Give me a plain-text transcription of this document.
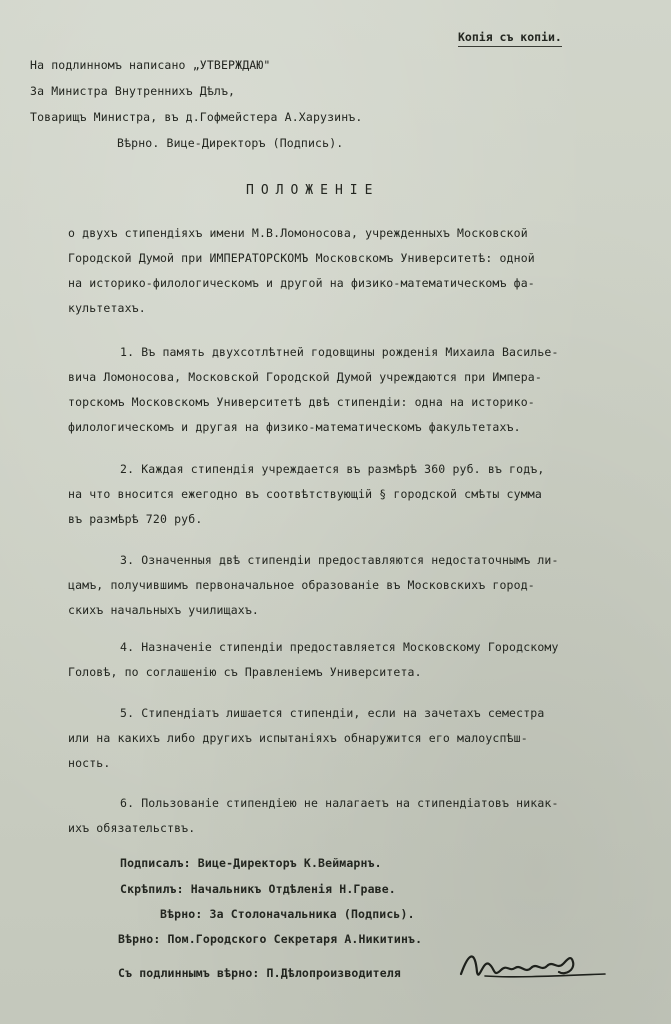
Копія съ копіи.
На подлинномъ написано „УТВЕРЖДАЮ"
За Министра Внутреннихъ Дѣлъ,
Товарищъ Министра, въ д.Гофмейстера А.Харузинъ.
Вѣрно. Вице-Директоръ (Подпись).
ПОЛОЖЕНІЕ
о двухъ стипендіяхъ имени М.В.Ломоносова, учрежденныхъ Московской
Городской Думой при ИМПЕРАТОРСКОМЪ Московскомъ Университетѣ: одной
на историко-филологическомъ и другой на физико-математическомъ фа-
культетахъ.
1. Въ память двухсотлѣтней годовщины рожденія Михаила Василье-
вича Ломоносова, Московской Городской Думой учреждаются при Импера-
торскомъ Московскомъ Университетѣ двѣ стипендіи: одна на историко-
филологическомъ и другая на физико-математическомъ факультетахъ.
2. Каждая стипендія учреждается въ размѣрѣ 360 руб. въ годъ,
на что вносится ежегодно въ соотвѣтствующій § городской смѣты сумма
въ размѣрѣ 720 руб.
3. Означенныя двѣ стипендіи предоставляются недостаточнымъ ли-
цамъ, получившимъ первоначальное образованіе въ Московскихъ город-
скихъ начальныхъ училищахъ.
4. Назначеніе стипендіи предоставляется Московскому Городскому
Головѣ, по соглашенію съ Правленіемъ Университета.
5. Стипендіатъ лишается стипендіи, если на зачетахъ семестра
или на какихъ либо другихъ испытаніяхъ обнаружится его малоуспѣш-
ность.
6. Пользованіе стипендіею не налагаетъ на стипендіатовъ никак-
ихъ обязательствъ.
Подписалъ: Вице-Директоръ К.Веймарнъ.
Скрѣпилъ: Начальникъ Отдѣленія Н.Граве.
Вѣрно: За Столоначальника (Подпись).
Вѣрно: Пом.Городского Секретаря А.Никитинъ.
Съ подлиннымъ вѣрно: П.Дѣлопроизводителя
